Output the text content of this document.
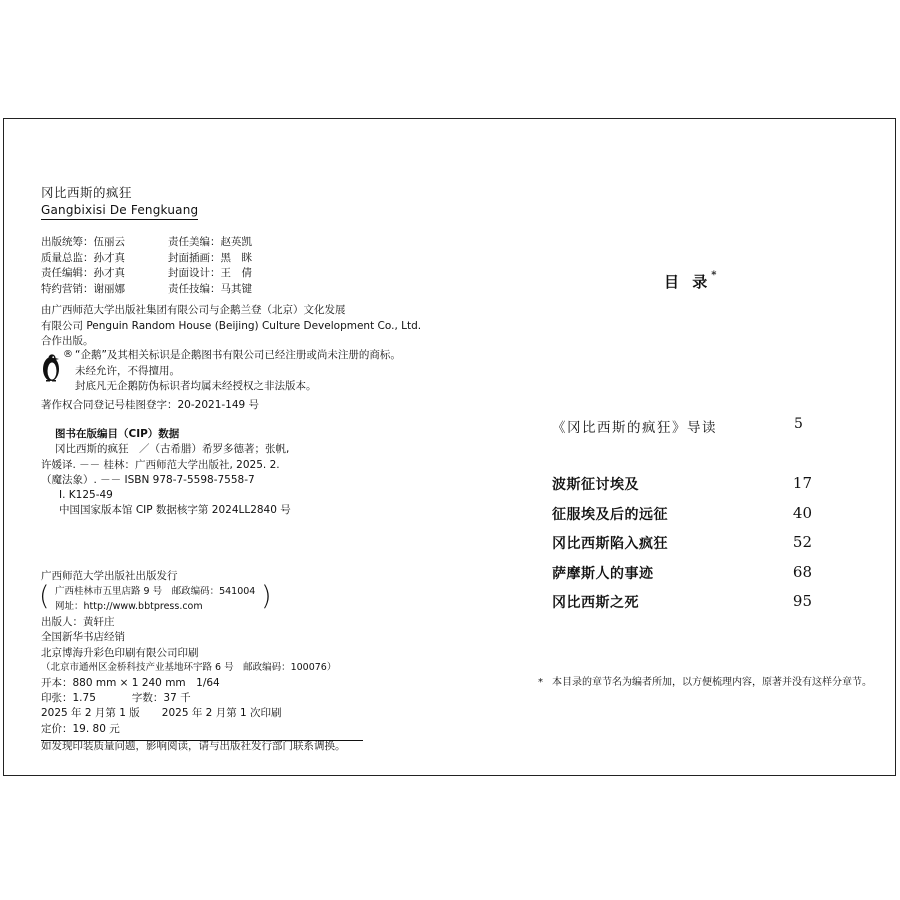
冈比西斯的疯狂
Gangbixisi De Fengkuang
出版统筹：伍丽云	责任美编：赵英凯
质量总监：孙才真	封面插画：黑　眯
责任编辑：孙才真	封面设计：王　倩
特约营销：谢丽娜	责任技编：马其键
由广西师范大学出版社集团有限公司与企鹅兰登（北京）文化发展
有限公司 Penguin Random House (Beijing) Culture Development Co., Ltd.
合作出版。
® “企鹅”及其相关标识是企鹅图书有限公司已经注册或尚未注册的商标。
未经允许，不得擅用。
封底凡无企鹅防伪标识者均属未经授权之非法版本。
著作权合同登记号桂图登字：20-2021-149 号
图书在版编目（CIP）数据
冈比西斯的疯狂　／（古希腊）希罗多德著；张帆,
许媛译. －－ 桂林：广西师范大学出版社, 2025. 2.
（魔法象）. －－ ISBN 978-7-5598-7558-7
Ⅰ. K125-49
中国国家版本馆 CIP 数据核字第 2024LL2840 号
广西师范大学出版社出版发行
( 广西桂林市五里店路 9 号　邮政编码：541004
网址：http://www.bbtpress.com )
出版人：黄轩庄
全国新华书店经销
北京博海升彩色印刷有限公司印刷
（北京市通州区金桥科技产业基地环宇路 6 号　邮政编码：100076）
开本：880 mm × 1 240 mm　1/64
印张：1.75	字数：37 千
2025 年 2 月第 1 版 2025 年 2 月第 1 次印刷
定价：19. 80 元
如发现印装质量问题，影响阅读，请与出版社发行部门联系调换。
目 录*
《冈比西斯的疯狂》导读	5
波斯征讨埃及	17
征服埃及后的远征	40
冈比西斯陷入疯狂	52
萨摩斯人的事迹	68
冈比西斯之死	95
* 本目录的章节名为编者所加，以方便梳理内容，原著并没有这样分章节。
